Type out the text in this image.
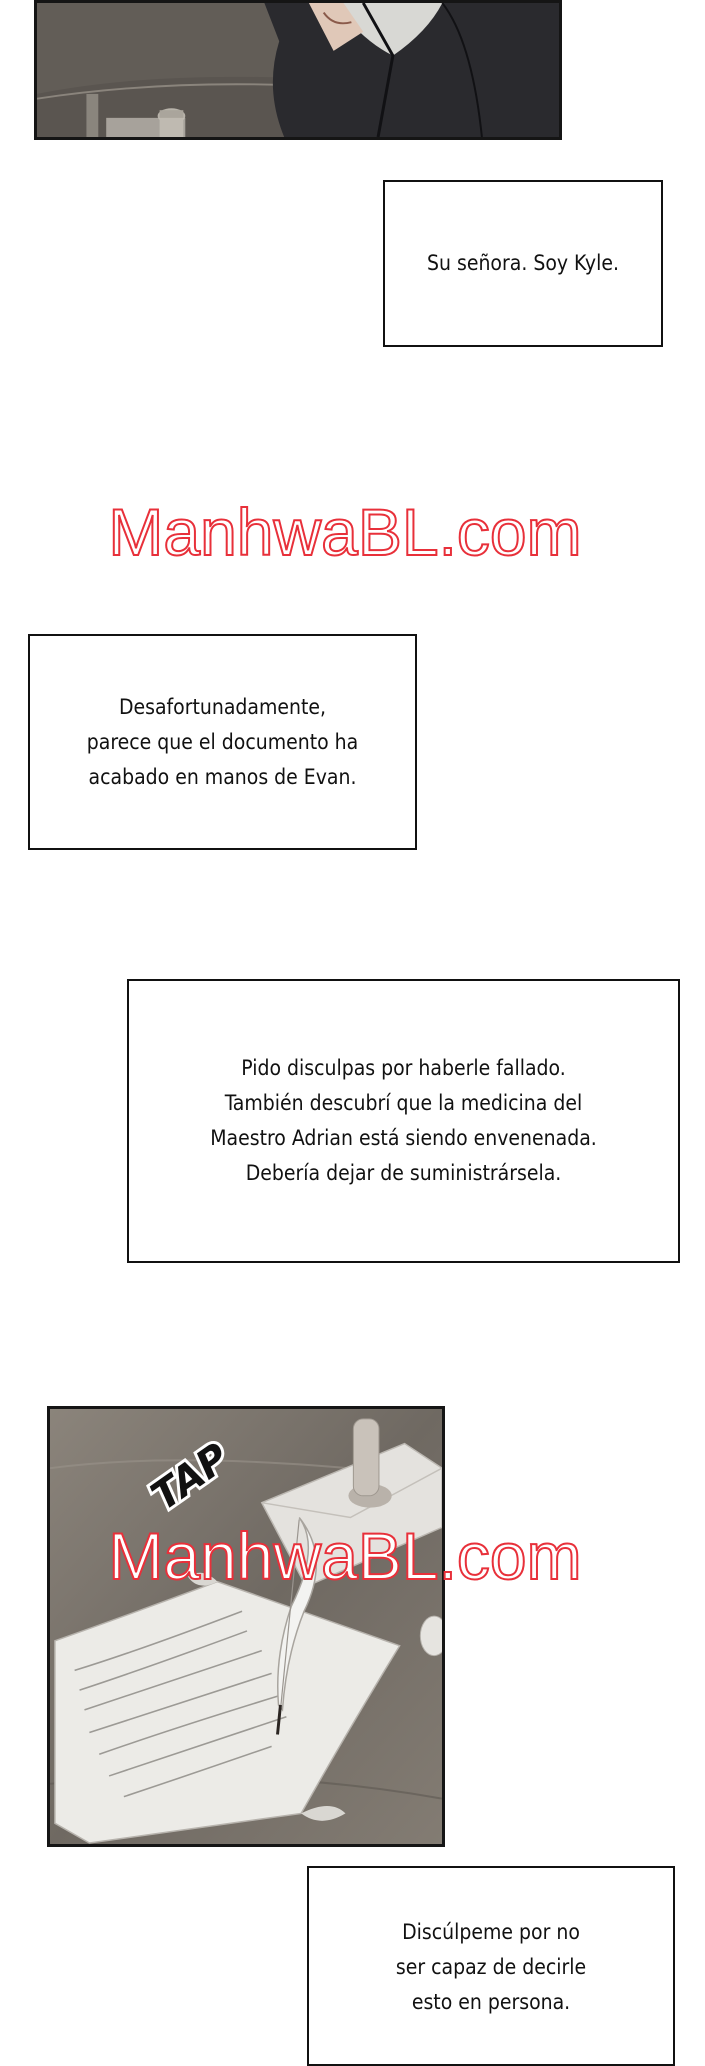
Su señora. Soy Kyle.
ManhwaBL.com
Desafortunadamente,
parece que el documento ha
acabado en manos de Evan.
Pido disculpas por haberle fallado.
También descubrí que la medicina del
Maestro Adrian está siendo envenenada.
Debería dejar de suministrársela.
TAP
ManhwaBL.com
Discúlpeme por no
ser capaz de decirle
esto en persona.
